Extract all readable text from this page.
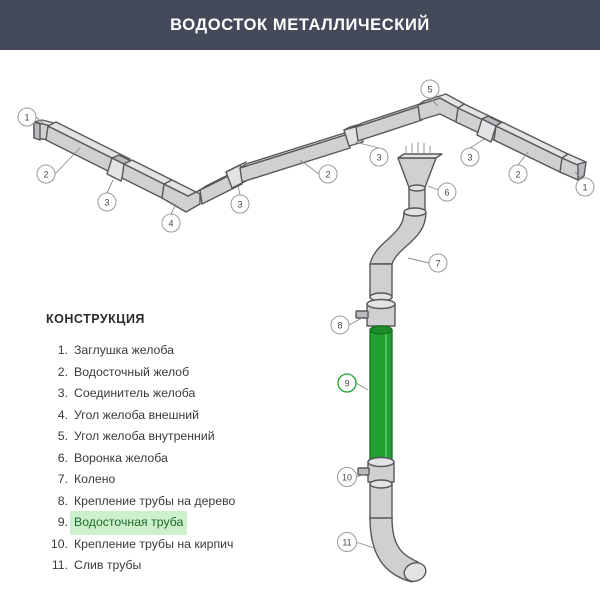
ВОДОСТОК МЕТАЛЛИЧЕСКИЙ
1
2
3
4
3
2
3
5
3
2
1
6
7
8
9
10
11
КОНСТРУКЦИЯ
1. Заглушка желоба
2. Водосточный желоб
3. Соединитель желоба
4. Угол желоба внешний
5. Угол желоба внутренний
6. Воронка желоба
7. Колено
8. Крепление трубы на дерево
9. Водосточная труба
10. Крепление трубы на кирпич
11. Слив трубы
